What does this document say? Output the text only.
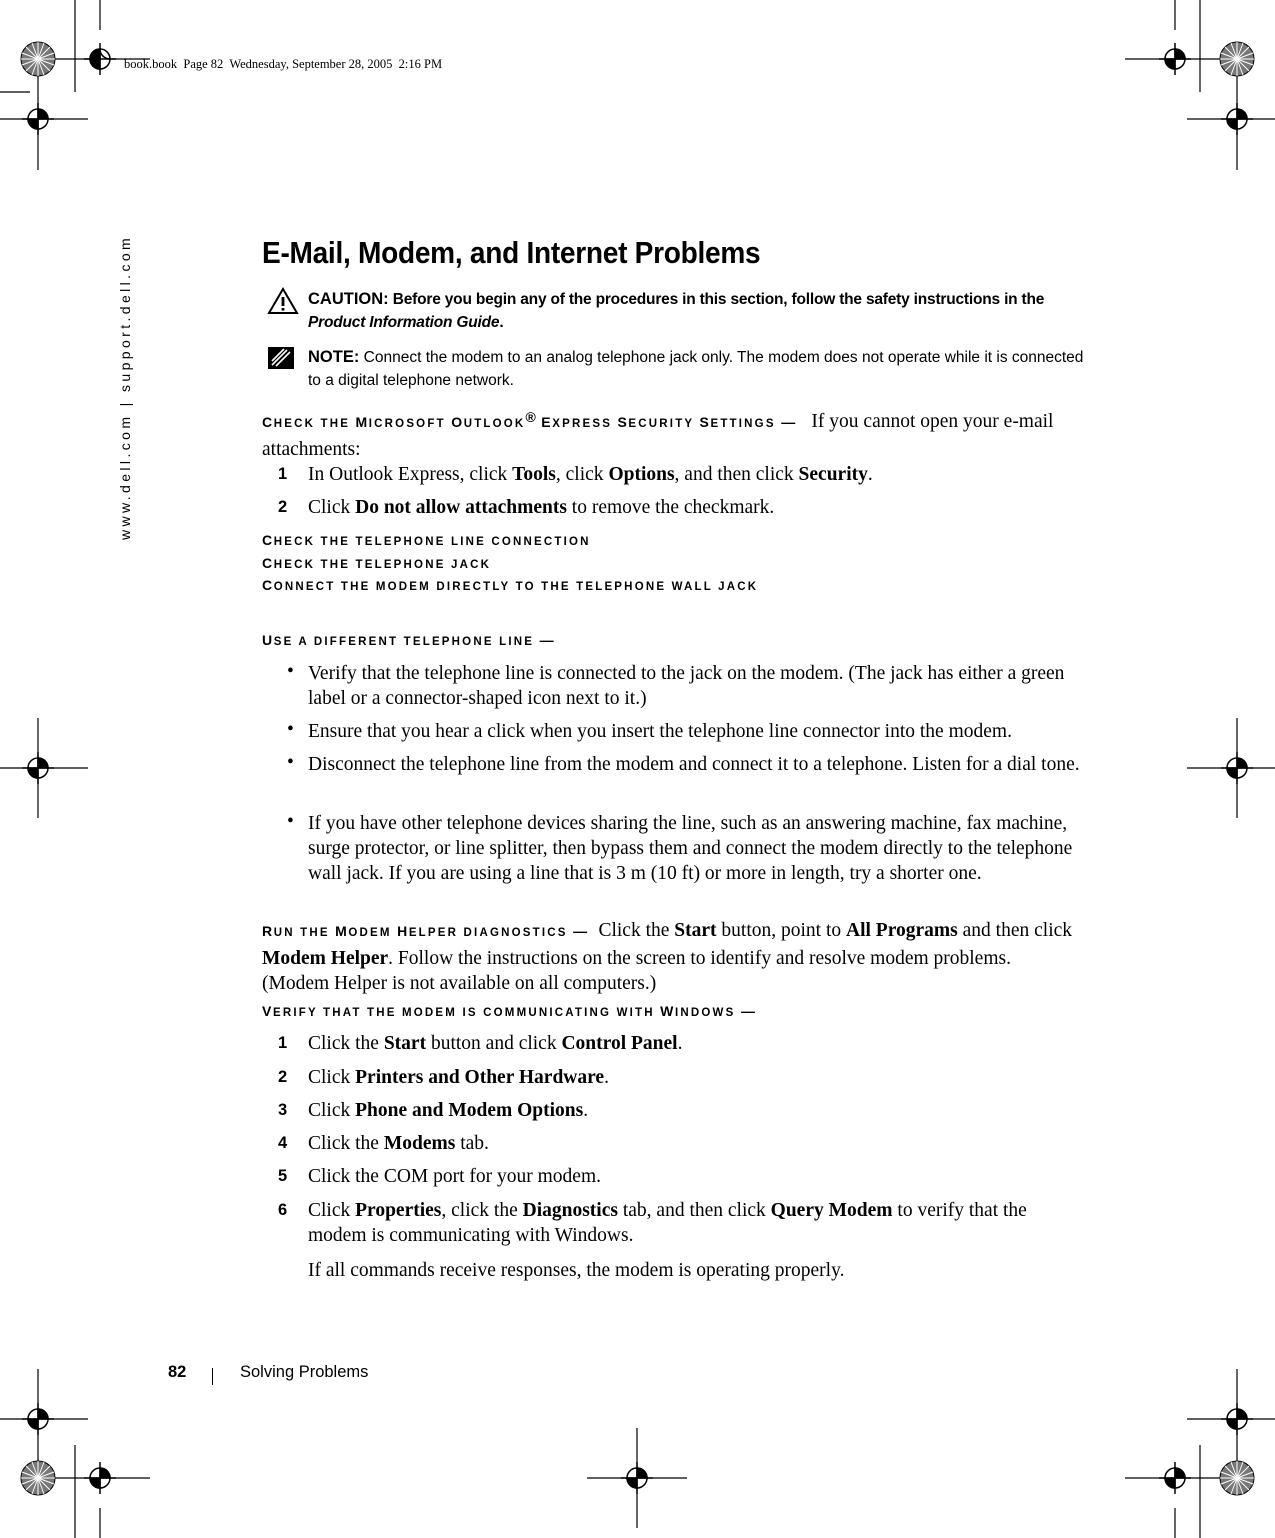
book.book  Page 82  Wednesday, September 28, 2005  2:16 PM
www.dell.com | support.dell.com	E-Mail, Modem, and Internet Problems
CAUTION: Before you begin any of the procedures in this section, follow the safety instructions in the Product Information Guide.
NOTE: Connect the modem to an analog telephone jack only. The modem does not operate while it is connected to a digital telephone network.
CHECK THE MICROSOFT OUTLOOK® EXPRESS SECURITY SETTINGS — If you cannot open your e-mail attachments:
1 In Outlook Express, click Tools, click Options, and then click Security.
2 Click Do not allow attachments to remove the checkmark.
CHECK THE TELEPHONE LINE CONNECTION
CHECK THE TELEPHONE JACK
CONNECT THE MODEM DIRECTLY TO THE TELEPHONE WALL JACK
USE A DIFFERENT TELEPHONE LINE —
• Verify that the telephone line is connected to the jack on the modem. (The jack has either a green label or a connector-shaped icon next to it.)
• Ensure that you hear a click when you insert the telephone line connector into the modem.
• Disconnect the telephone line from the modem and connect it to a telephone. Listen for a dial tone.
• If you have other telephone devices sharing the line, such as an answering machine, fax machine, surge protector, or line splitter, then bypass them and connect the modem directly to the telephone wall jack. If you are using a line that is 3 m (10 ft) or more in length, try a shorter one.
RUN THE MODEM HELPER DIAGNOSTICS — Click the Start button, point to All Programs and then click Modem Helper. Follow the instructions on the screen to identify and resolve modem problems. (Modem Helper is not available on all computers.)
VERIFY THAT THE MODEM IS COMMUNICATING WITH WINDOWS —
1 Click the Start button and click Control Panel.
2 Click Printers and Other Hardware.
3 Click Phone and Modem Options.
4 Click the Modems tab.
5 Click the COM port for your modem.
6 Click Properties, click the Diagnostics tab, and then click Query Modem to verify that the modem is communicating with Windows.
If all commands receive responses, the modem is operating properly.
82	Solving Problems
